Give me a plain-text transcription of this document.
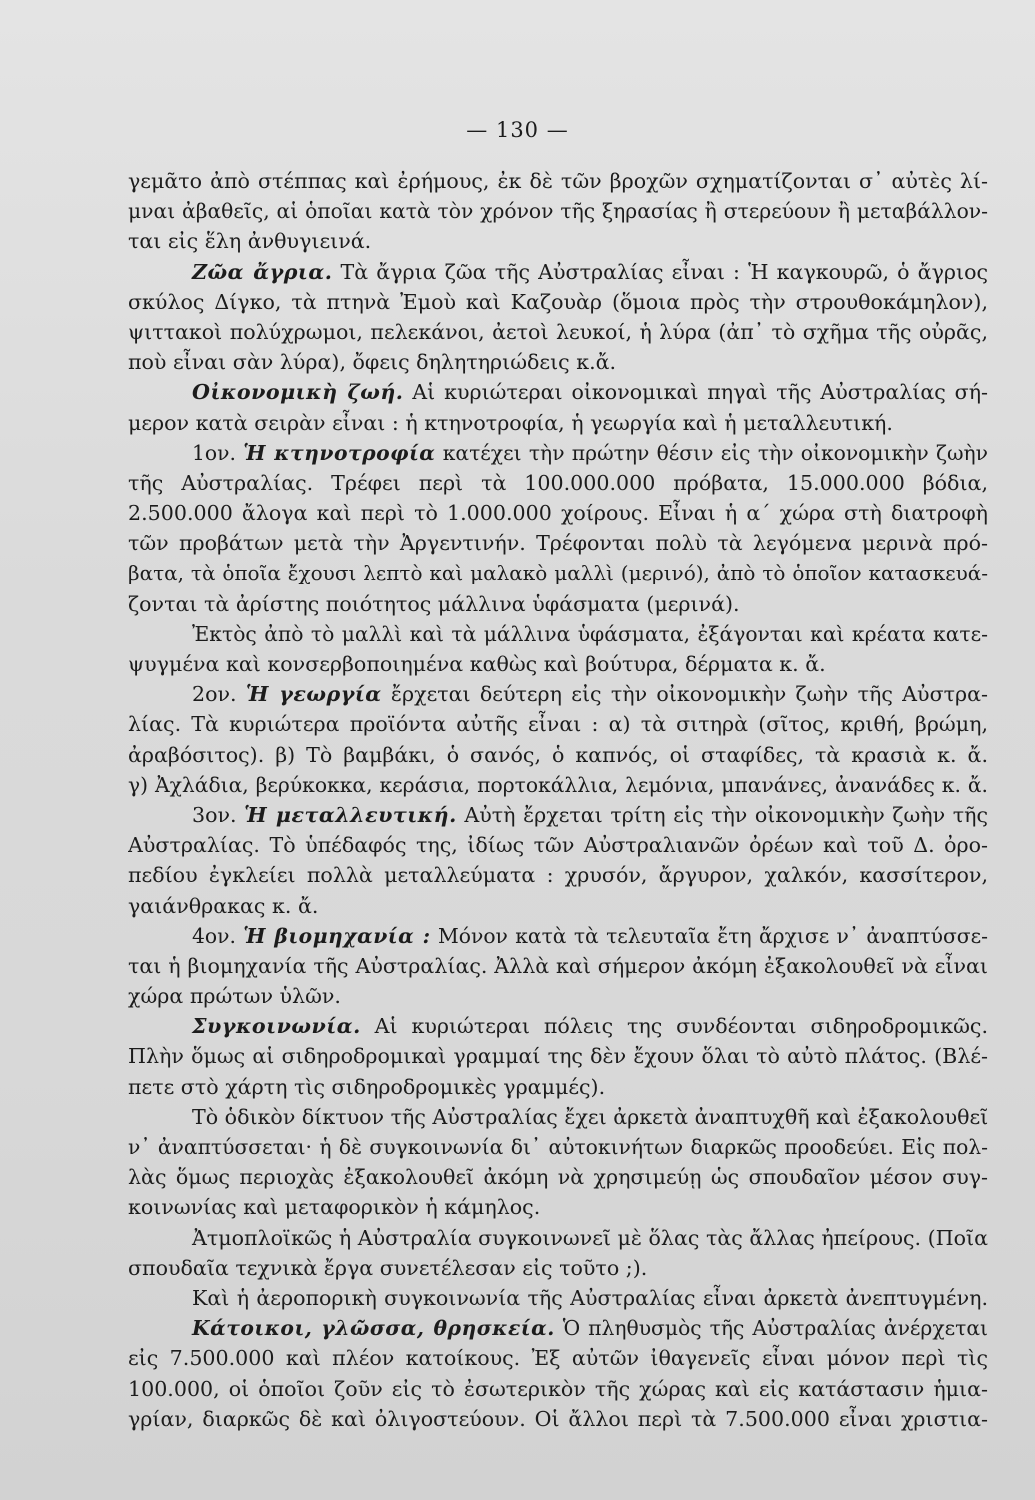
— 130 —
γεμᾶτο ἀπὸ στέππας καὶ ἐρήμους, ἐκ δὲ τῶν βροχῶν σχηματίζονται σ᾽ αὐτὲς λί-
μναι ἀβαθεῖς, αἱ ὁποῖαι κατὰ τὸν χρόνον τῆς ξηρασίας ἢ στερεύουν ἢ μεταβάλλον-
ται εἰς ἕλη ἀνθυγιεινά.
Ζῶα ἄγρια. Τὰ ἄγρια ζῶα τῆς Αὐστραλίας εἶναι : Ἡ καγκουρῶ, ὁ ἄγριος
σκύλος Δίγκο, τὰ πτηνὰ Ἐμοὺ καὶ Καζουὰρ (ὅμοια πρὸς τὴν στρουθοκάμηλον),
ψιττακοὶ πολύχρωμοι, πελεκάνοι, ἀετοὶ λευκοί, ἡ λύρα (ἀπ᾽ τὸ σχῆμα τῆς οὐρᾶς,
ποὺ εἶναι σὰν λύρα), ὄφεις δηλητηριώδεις κ.ἄ.
Οἰκονομικὴ ζωή. Αἱ κυριώτεραι οἰκονομικαὶ πηγαὶ τῆς Αὐστραλίας σή-
μερον κατὰ σειρὰν εἶναι : ἡ κτηνοτροφία, ἡ γεωργία καὶ ἡ μεταλλευτική.
1ον. Ἡ κτηνοτροφία κατέχει τὴν πρώτην θέσιν εἰς τὴν οἰκονομικὴν ζωὴν
τῆς Αὐστραλίας. Τρέφει περὶ τὰ 100.000.000 πρόβατα, 15.000.000 βόδια,
2.500.000 ἄλογα καὶ περὶ τὸ 1.000.000 χοίρους. Εἶναι ἡ α΄ χώρα στὴ διατροφὴ
τῶν προβάτων μετὰ τὴν Ἀργεντινήν. Τρέφονται πολὺ τὰ λεγόμενα μερινὰ πρό-
βατα, τὰ ὁποῖα ἔχουσι λεπτὸ καὶ μαλακὸ μαλλὶ (μερινό), ἀπὸ τὸ ὁποῖον κατασκευά-
ζονται τὰ ἀρίστης ποιότητος μάλλινα ὑφάσματα (μερινά).
Ἐκτὸς ἀπὸ τὸ μαλλὶ καὶ τὰ μάλλινα ὑφάσματα, ἐξάγονται καὶ κρέατα κατε-
ψυγμένα καὶ κονσερβοποιημένα καθὼς καὶ βούτυρα, δέρματα κ. ἄ.
2ον. Ἡ γεωργία ἔρχεται δεύτερη εἰς τὴν οἰκονομικὴν ζωὴν τῆς Αὐστρα-
λίας. Τὰ κυριώτερα προϊόντα αὐτῆς εἶναι : α) τὰ σιτηρὰ (σῖτος, κριθή, βρώμη,
ἀραβόσιτος). β) Τὸ βαμβάκι, ὁ σανός, ὁ καπνός, οἱ σταφίδες, τὰ κρασιὰ κ. ἄ.
γ) Ἀχλάδια, βερύκοκκα, κεράσια, πορτοκάλλια, λεμόνια, μπανάνες, ἀνανάδες κ. ἄ.
3ον. Ἡ μεταλλευτική. Αὐτὴ ἔρχεται τρίτη εἰς τὴν οἰκονομικὴν ζωὴν τῆς
Αὐστραλίας. Τὸ ὑπέδαφός της, ἰδίως τῶν Αὐστραλιανῶν ὀρέων καὶ τοῦ Δ. ὀρο-
πεδίου ἐγκλείει πολλὰ μεταλλεύματα : χρυσόν, ἄργυρον, χαλκόν, κασσίτερον,
γαιάνθρακας κ. ἄ.
4ον. Ἡ βιομηχανία : Μόνον κατὰ τὰ τελευταῖα ἔτη ἄρχισε ν᾽ ἀναπτύσσε-
ται ἡ βιομηχανία τῆς Αὐστραλίας. Ἀλλὰ καὶ σήμερον ἀκόμη ἐξακολουθεῖ νὰ εἶναι
χώρα πρώτων ὑλῶν.
Συγκοινωνία. Αἱ κυριώτεραι πόλεις της συνδέονται σιδηροδρομικῶς.
Πλὴν ὅμως αἱ σιδηροδρομικαὶ γραμμαί της δὲν ἔχουν ὅλαι τὸ αὐτὸ πλάτος. (Βλέ-
πετε στὸ χάρτη τὶς σιδηροδρομικὲς γραμμές).
Τὸ ὁδικὸν δίκτυον τῆς Αὐστραλίας ἔχει ἀρκετὰ ἀναπτυχθῆ καὶ ἐξακολουθεῖ
ν᾽ ἀναπτύσσεται· ἡ δὲ συγκοινωνία δι᾽ αὐτοκινήτων διαρκῶς προοδεύει. Εἰς πολ-
λὰς ὅμως περιοχὰς ἐξακολουθεῖ ἀκόμη νὰ χρησιμεύῃ ὡς σπουδαῖον μέσον συγ-
κοινωνίας καὶ μεταφορικὸν ἡ κάμηλος.
Ἀτμοπλοϊκῶς ἡ Αὐστραλία συγκοινωνεῖ μὲ ὅλας τὰς ἄλλας ἠπείρους. (Ποῖα
σπουδαῖα τεχνικὰ ἔργα συνετέλεσαν εἰς τοῦτο ;).
Καὶ ἡ ἀεροπορικὴ συγκοινωνία τῆς Αὐστραλίας εἶναι ἀρκετὰ ἀνεπτυγμένη.
Κάτοικοι, γλῶσσα, θρησκεία. Ὁ πληθυσμὸς τῆς Αὐστραλίας ἀνέρχεται
εἰς 7.500.000 καὶ πλέον κατοίκους. Ἐξ αὐτῶν ἰθαγενεῖς εἶναι μόνον περὶ τὶς
100.000, οἱ ὁποῖοι ζοῦν εἰς τὸ ἐσωτερικὸν τῆς χώρας καὶ εἰς κατάστασιν ἡμια-
γρίαν, διαρκῶς δὲ καὶ ὀλιγοστεύουν. Οἱ ἄλλοι περὶ τὰ 7.500.000 εἶναι χριστια-
